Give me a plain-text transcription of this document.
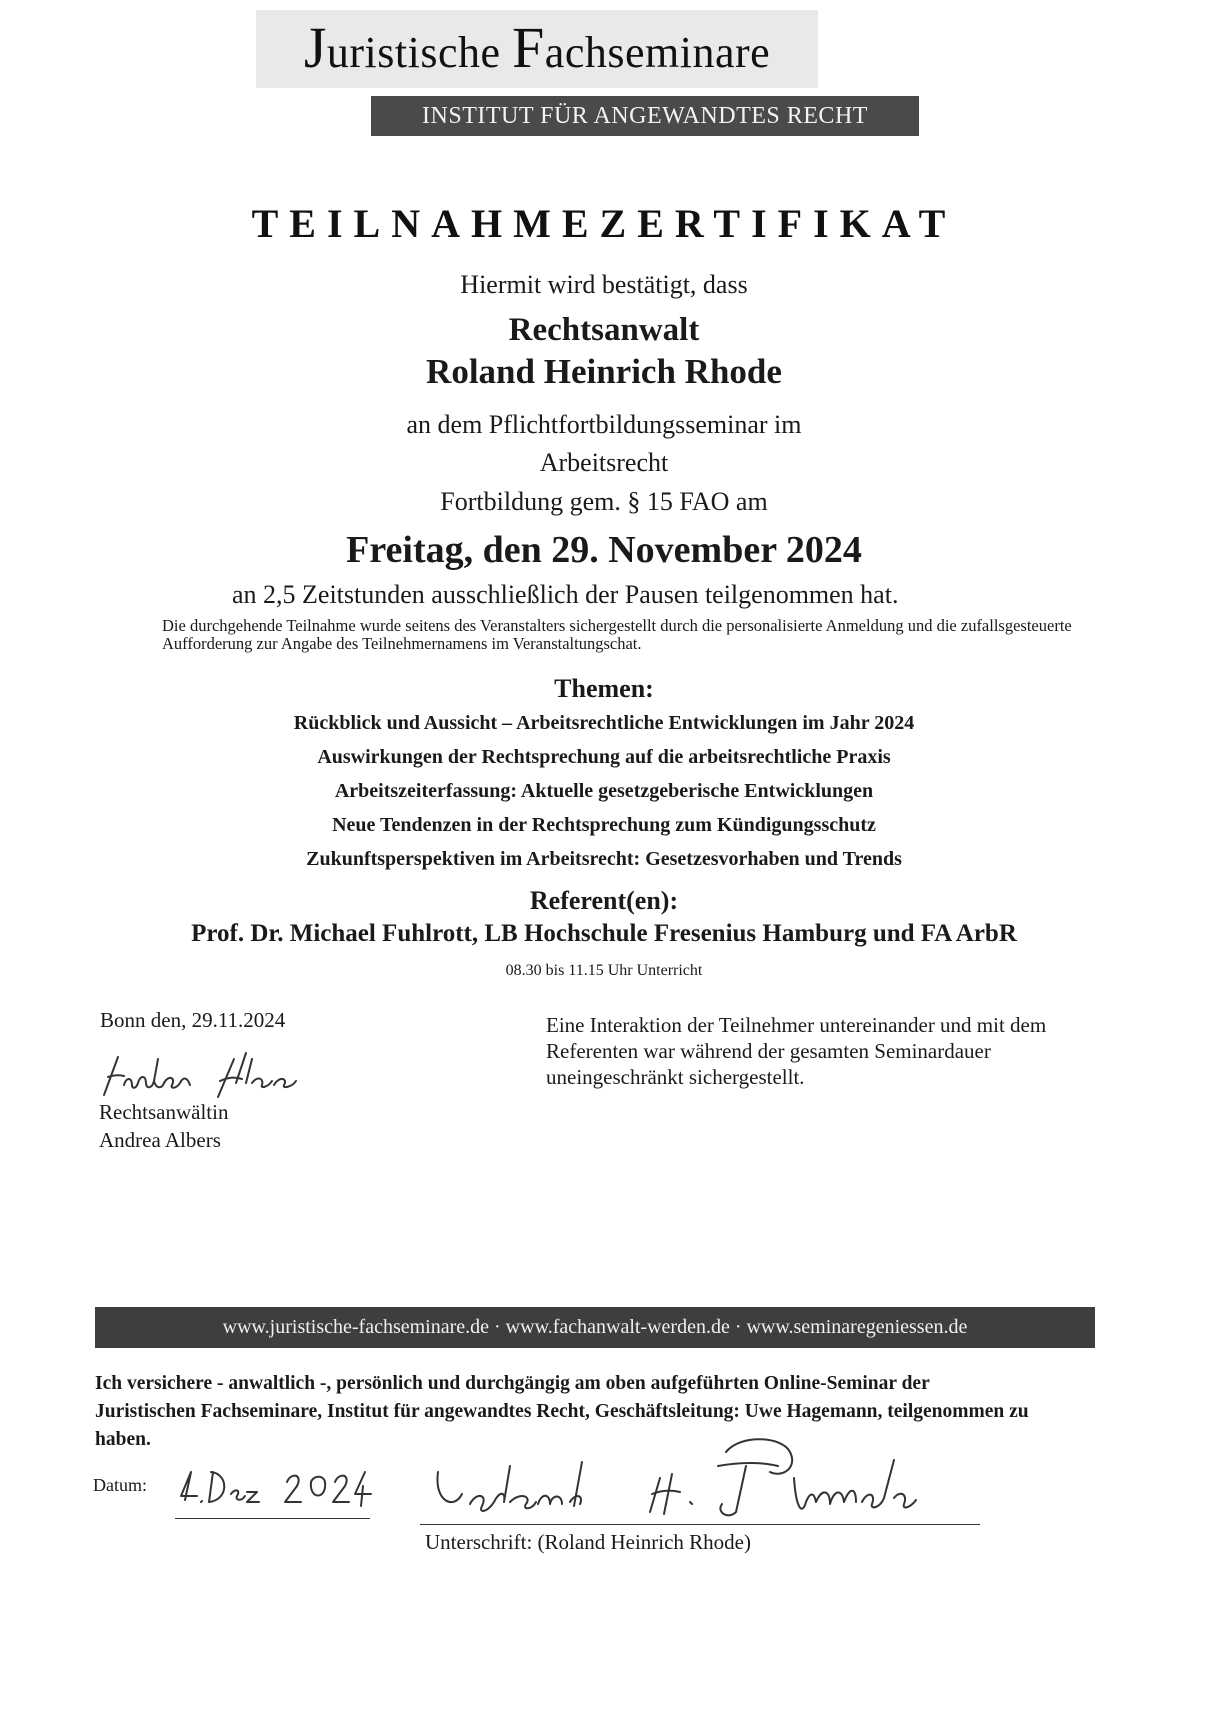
Juristische Fachseminare
INSTITUT FÜR ANGEWANDTES RECHT
TEILNAHMEZERTIFIKAT
Hiermit wird bestätigt, dass
Rechtsanwalt
Roland Heinrich Rhode
an dem Pflichtfortbildungsseminar im
Arbeitsrecht
Fortbildung gem. § 15 FAO am
Freitag, den 29. November 2024
an 2,5 Zeitstunden ausschließlich der Pausen teilgenommen hat.
Die durchgehende Teilnahme wurde seitens des Veranstalters sichergestellt durch die personalisierte Anmeldung und die zufallsgesteuerte Aufforderung zur Angabe des Teilnehmernamens im Veranstaltungschat.
Themen:
Rückblick und Aussicht – Arbeitsrechtliche Entwicklungen im Jahr 2024
Auswirkungen der Rechtsprechung auf die arbeitsrechtliche Praxis
Arbeitszeiterfassung: Aktuelle gesetzgeberische Entwicklungen
Neue Tendenzen in der Rechtsprechung zum Kündigungsschutz
Zukunftsperspektiven im Arbeitsrecht: Gesetzesvorhaben und Trends
Referent(en):
Prof. Dr. Michael Fuhlrott, LB Hochschule Fresenius Hamburg und FA ArbR
08.30 bis 11.15 Uhr Unterricht
Bonn den, 29.11.2024
Rechtsanwältin
Andrea Albers
Eine Interaktion der Teilnehmer untereinander und mit dem Referenten war während der gesamten Seminardauer uneingeschränkt sichergestellt.
www.juristische-fachseminare.de · www.fachanwalt-werden.de · www.seminaregeniessen.de
Ich versichere - anwaltlich -, persönlich und durchgängig am oben aufgeführten Online-Seminar der Juristischen Fachseminare, Institut für angewandtes Recht, Geschäftsleitung: Uwe Hagemann, teilgenommen zu haben.
Datum:
Unterschrift: (Roland Heinrich Rhode)
